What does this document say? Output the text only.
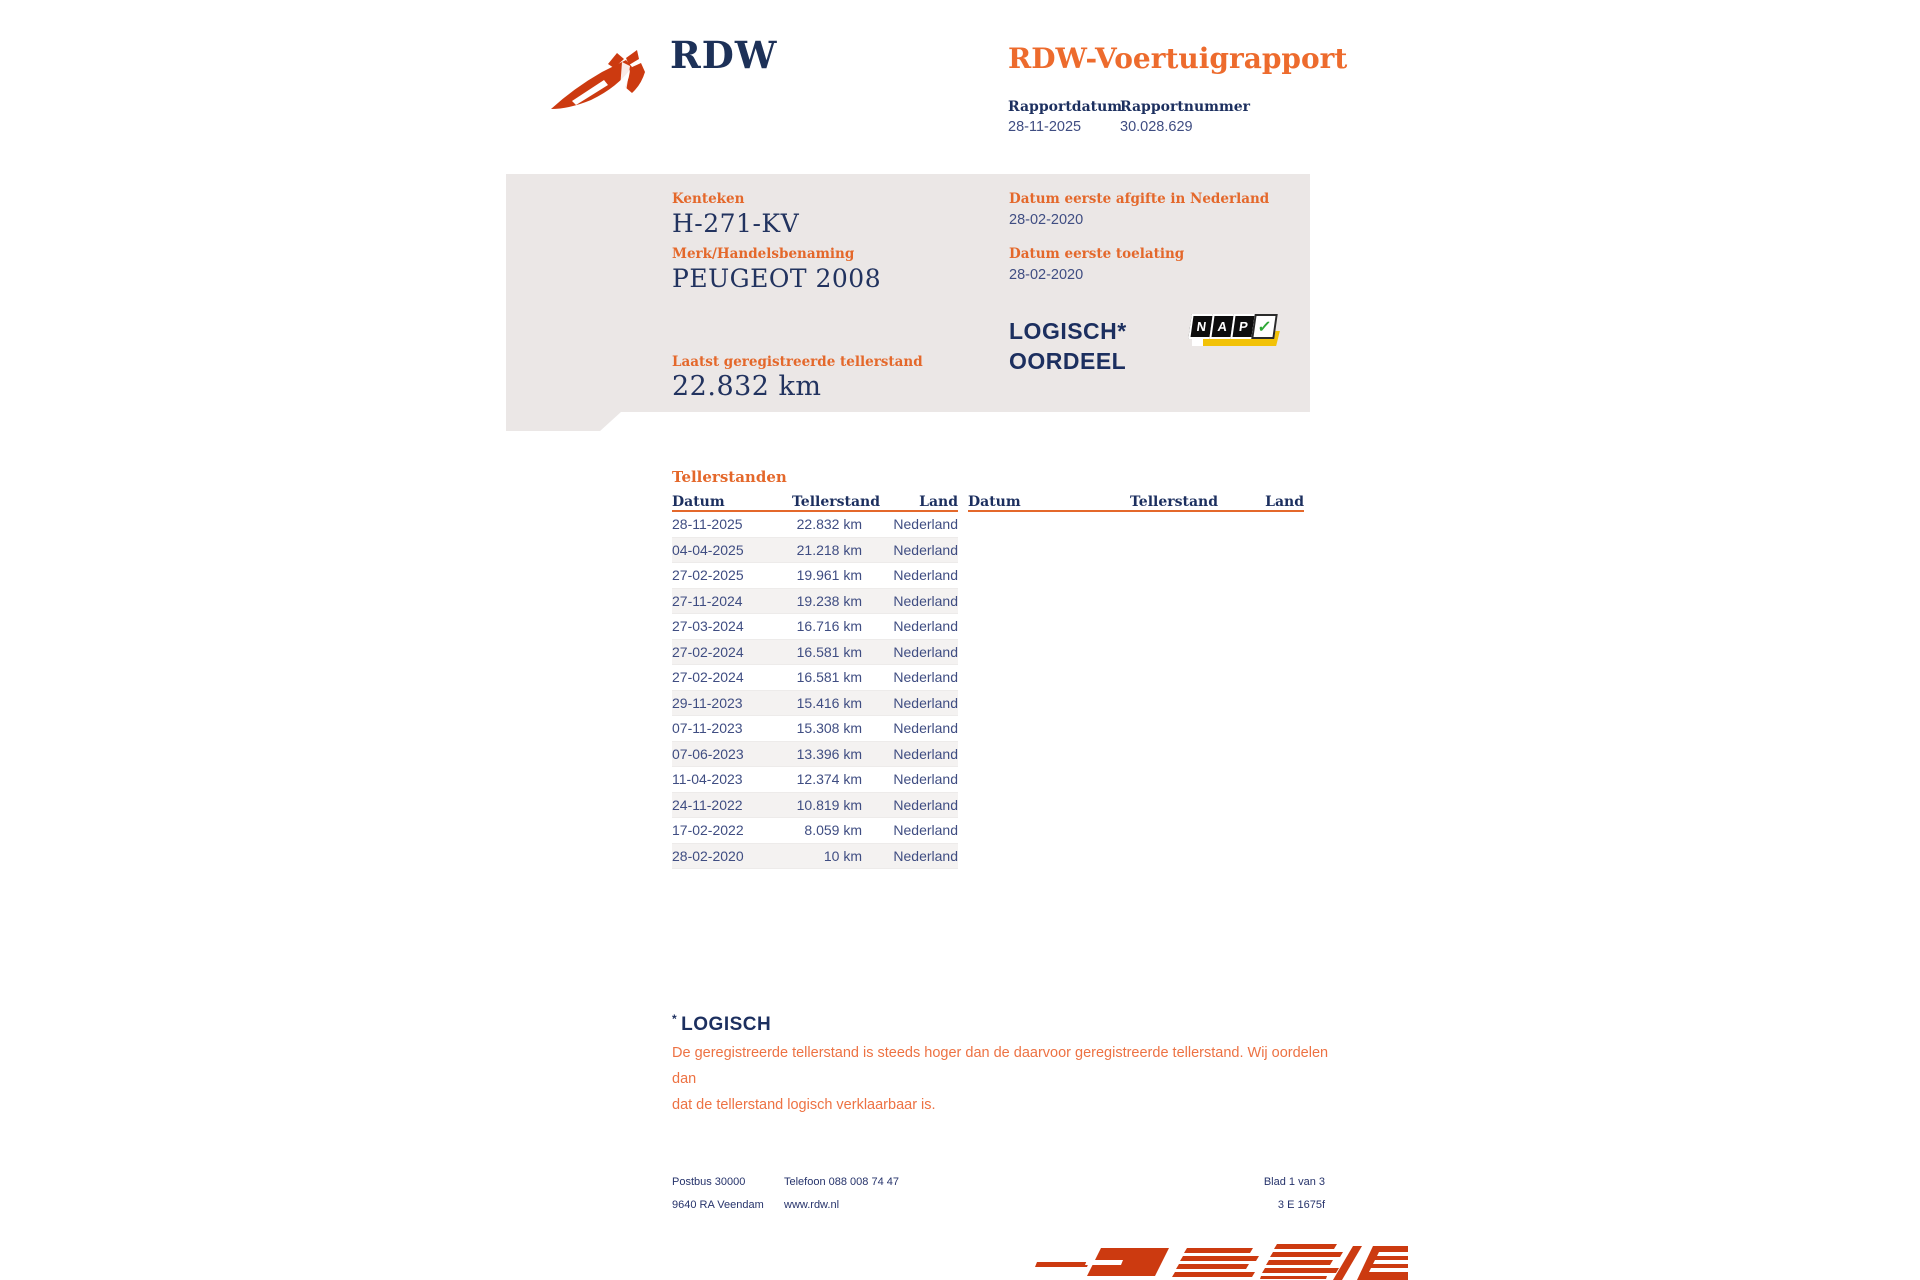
RDW	RDW-Voertuigrapport
Rapportdatum
28-11-2025
Rapportnummer
30.028.629
Kenteken
H-271-KV
Merk/Handelsbenaming
PEUGEOT 2008
Datum eerste afgifte in Nederland
28-02-2020
Datum eerste toelating
28-02-2020
LOGISCH*
OORDEEL
N A P ✓
Laatst geregistreerde tellerstand
22.832 km
Tellerstanden
Datum	Tellerstand	Land
28-11-2025	22.832 km	Nederland
04-04-2025	21.218 km	Nederland
27-02-2025	19.961 km	Nederland
27-11-2024	19.238 km	Nederland
27-03-2024	16.716 km	Nederland
27-02-2024	16.581 km	Nederland
27-02-2024	16.581 km	Nederland
29-11-2023	15.416 km	Nederland
07-11-2023	15.308 km	Nederland
07-06-2023	13.396 km	Nederland
11-04-2023	12.374 km	Nederland
24-11-2022	10.819 km	Nederland
17-02-2022	8.059 km	Nederland
28-02-2020	10 km	Nederland
Datum	Tellerstand	Land
* LOGISCH
De geregistreerde tellerstand is steeds hoger dan de daarvoor geregistreerde tellerstand. Wij oordelen dan
dat de tellerstand logisch verklaarbaar is.
Postbus 30000
9640 RA Veendam
Telefoon 088 008 74 47
www.rdw.nl
Blad 1 van 3
3 E 1675f
